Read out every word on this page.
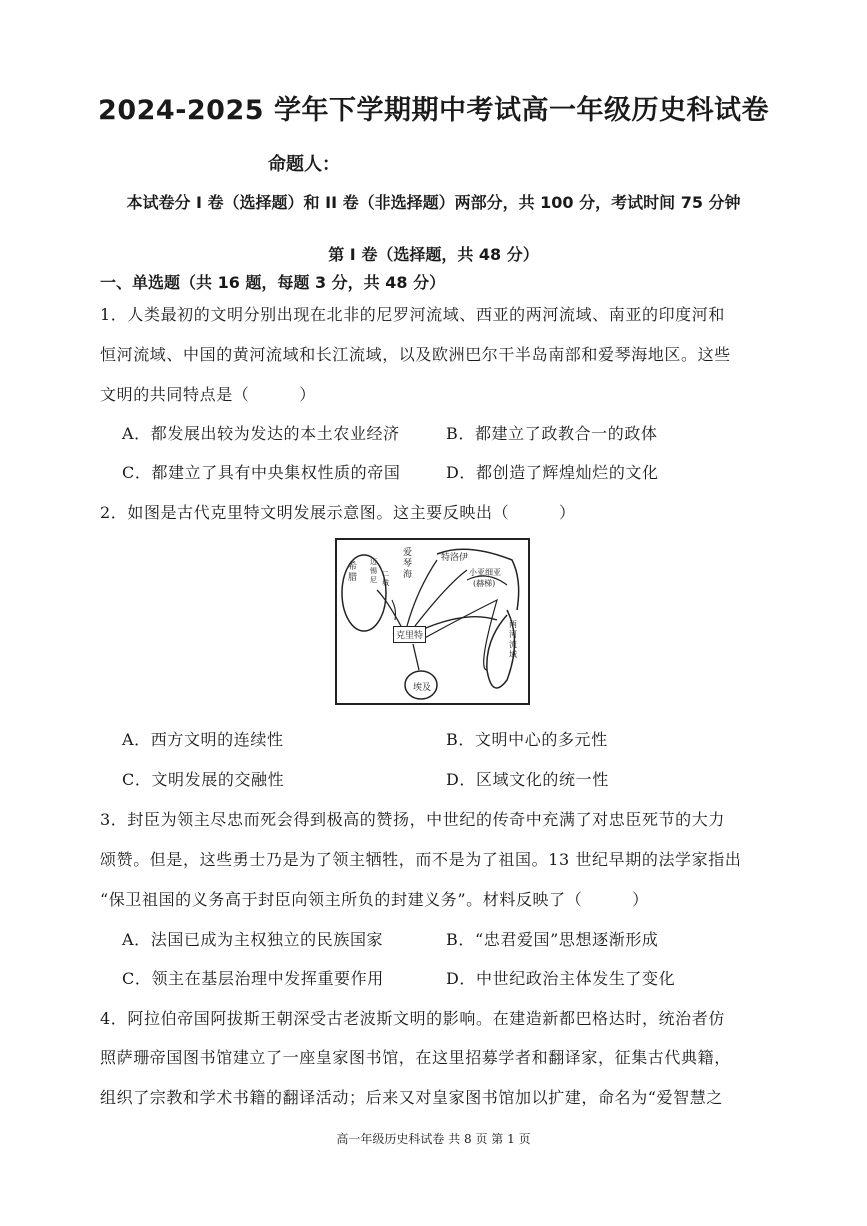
2024-2025 学年下学期期中考试高一年级历史科试卷
命题人：
本试卷分 I 卷（选择题）和 II 卷（非选择题）两部分，共 100 分，考试时间 75 分钟
第 I 卷（选择题，共 48 分）
一、单选题（共 16 题，每题 3 分，共 48 分）
1．人类最初的文明分别出现在北非的尼罗河流域、西亚的两河流域、南亚的印度河和
恒河流域、中国的黄河流域和长江流域，以及欧洲巴尔干半岛南部和爱琴海地区。这些
文明的共同特点是（　　　）
A．都发展出较为发达的本土农业经济	B．都建立了政教合一的政体
C．都建立了具有中央集权性质的帝国	D．都创造了辉煌灿烂的文化
2．如图是古代克里特文明发展示意图。这主要反映出（　　　）
希腊
迈锡尼
二城
爱琴海
特洛伊
小亚细亚
(赫梯)
克里特
两河流域
埃及
A．西方文明的连续性	B．文明中心的多元性
C．文明发展的交融性	D．区域文化的统一性
3．封臣为领主尽忠而死会得到极高的赞扬，中世纪的传奇中充满了对忠臣死节的大力
颂赞。但是，这些勇士乃是为了领主牺牲，而不是为了祖国。13 世纪早期的法学家指出
“保卫祖国的义务高于封臣向领主所负的封建义务”。材料反映了（　　　）
A．法国已成为主权独立的民族国家	B．“忠君爱国”思想逐渐形成
C．领主在基层治理中发挥重要作用	D．中世纪政治主体发生了变化
4．阿拉伯帝国阿拔斯王朝深受古老波斯文明的影响。在建造新都巴格达时，统治者仿
照萨珊帝国图书馆建立了一座皇家图书馆，在这里招募学者和翻译家，征集古代典籍，
组织了宗教和学术书籍的翻译活动；后来又对皇家图书馆加以扩建，命名为“爱智慧之
高一年级历史科试卷 共 8 页 第 1 页
